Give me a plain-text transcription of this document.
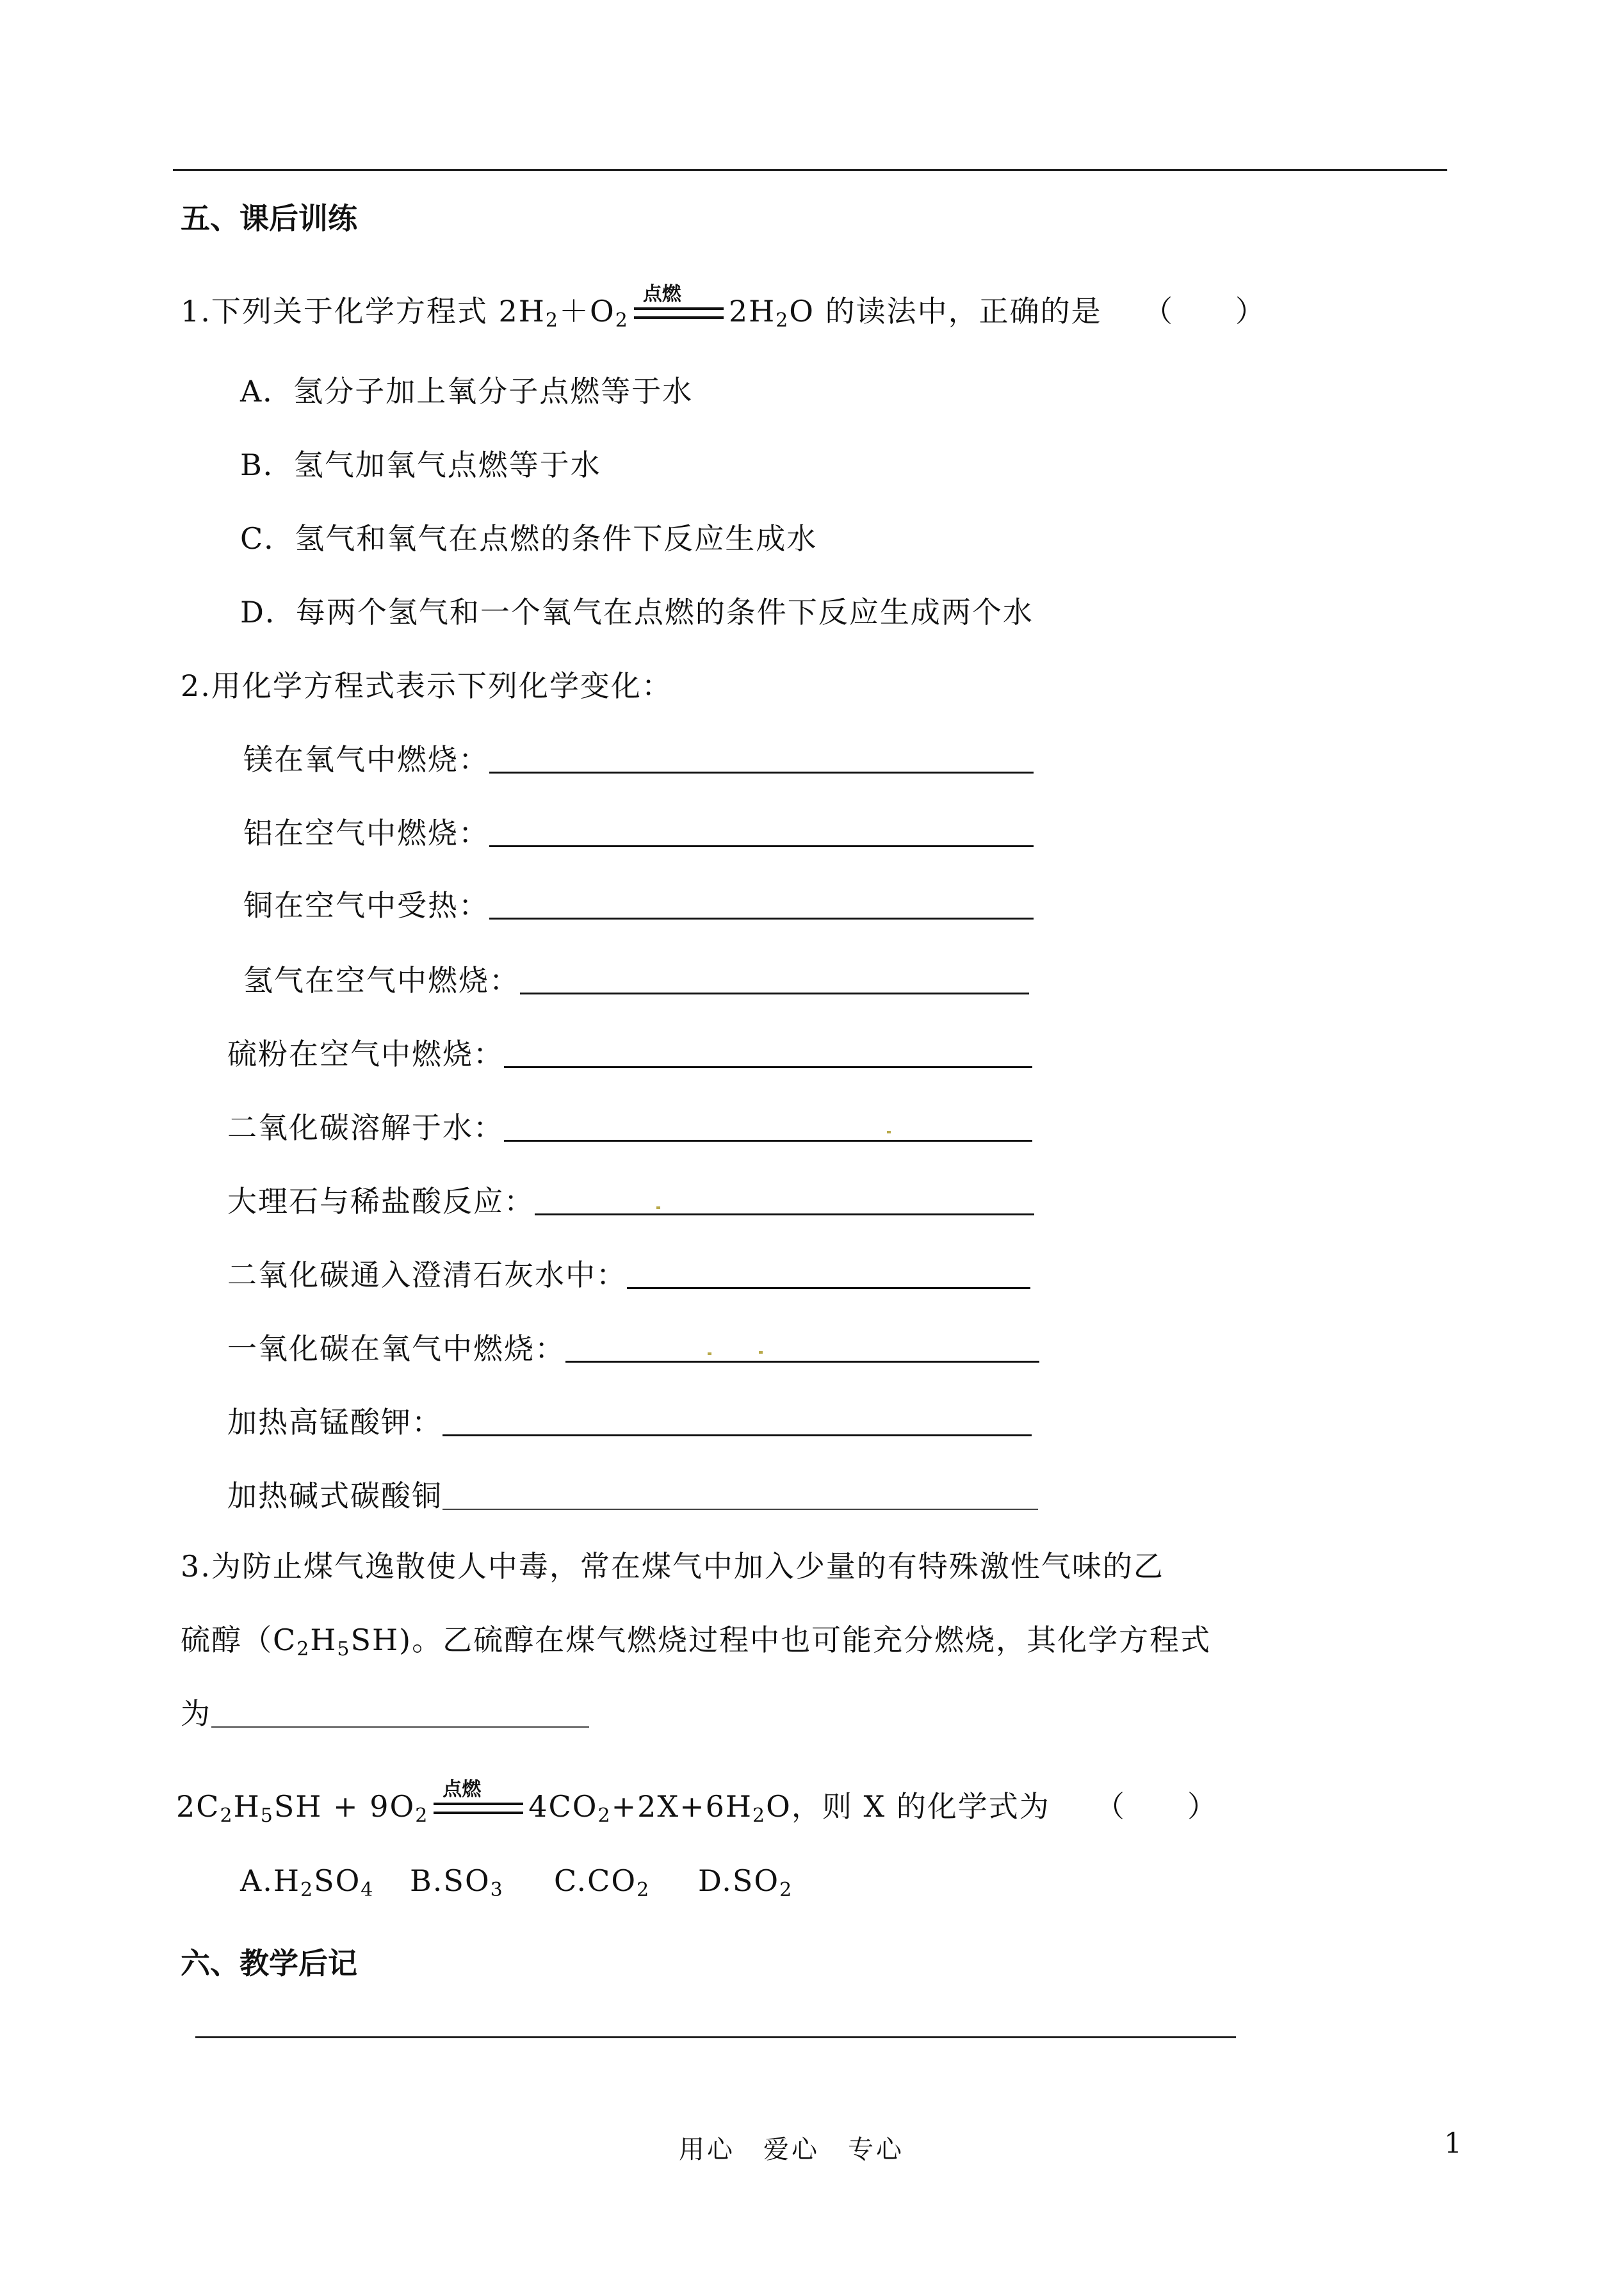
五、课后训练
1.下列关于化学方程式 $2H_2+O_2$
点燃 $2H_2O$ 的读法中，正确的是 （　　）
A．氢分子加上氧分子点燃等于水
B．氢气加氧气点燃等于水
C．氢气和氧气在点燃的条件下反应生成水
D．每两个氢气和一个氧气在点燃的条件下反应生成两个水
2.用化学方程式表示下列化学变化：
镁在氧气中燃烧：
铝在空气中燃烧：
铜在空气中受热：
氢气在空气中燃烧：
硫粉在空气中燃烧：
二氧化碳溶解于水：
大理石与稀盐酸反应：
二氧化碳通入澄清石灰水中：
一氧化碳在氧气中燃烧：
加热高锰酸钾：
加热碱式碳酸铜
3.为防止煤气逸散使人中毒，常在煤气中加入少量的有特殊激性气味的乙
硫醇$(C_2H_5SH)$。乙硫醇在煤气燃烧过程中也可能充分燃烧，其化学方程式
为
$2C_2H_5SH + 9O_2$
点燃 $4CO_2+2X+6H_2O$，则 X 的化学式为 （　　）
$A.H_2SO_4$ $B.SO_3$ $C.CO_2$ $D.SO_2$
六、教学后记
用心　爱心　专心	1
